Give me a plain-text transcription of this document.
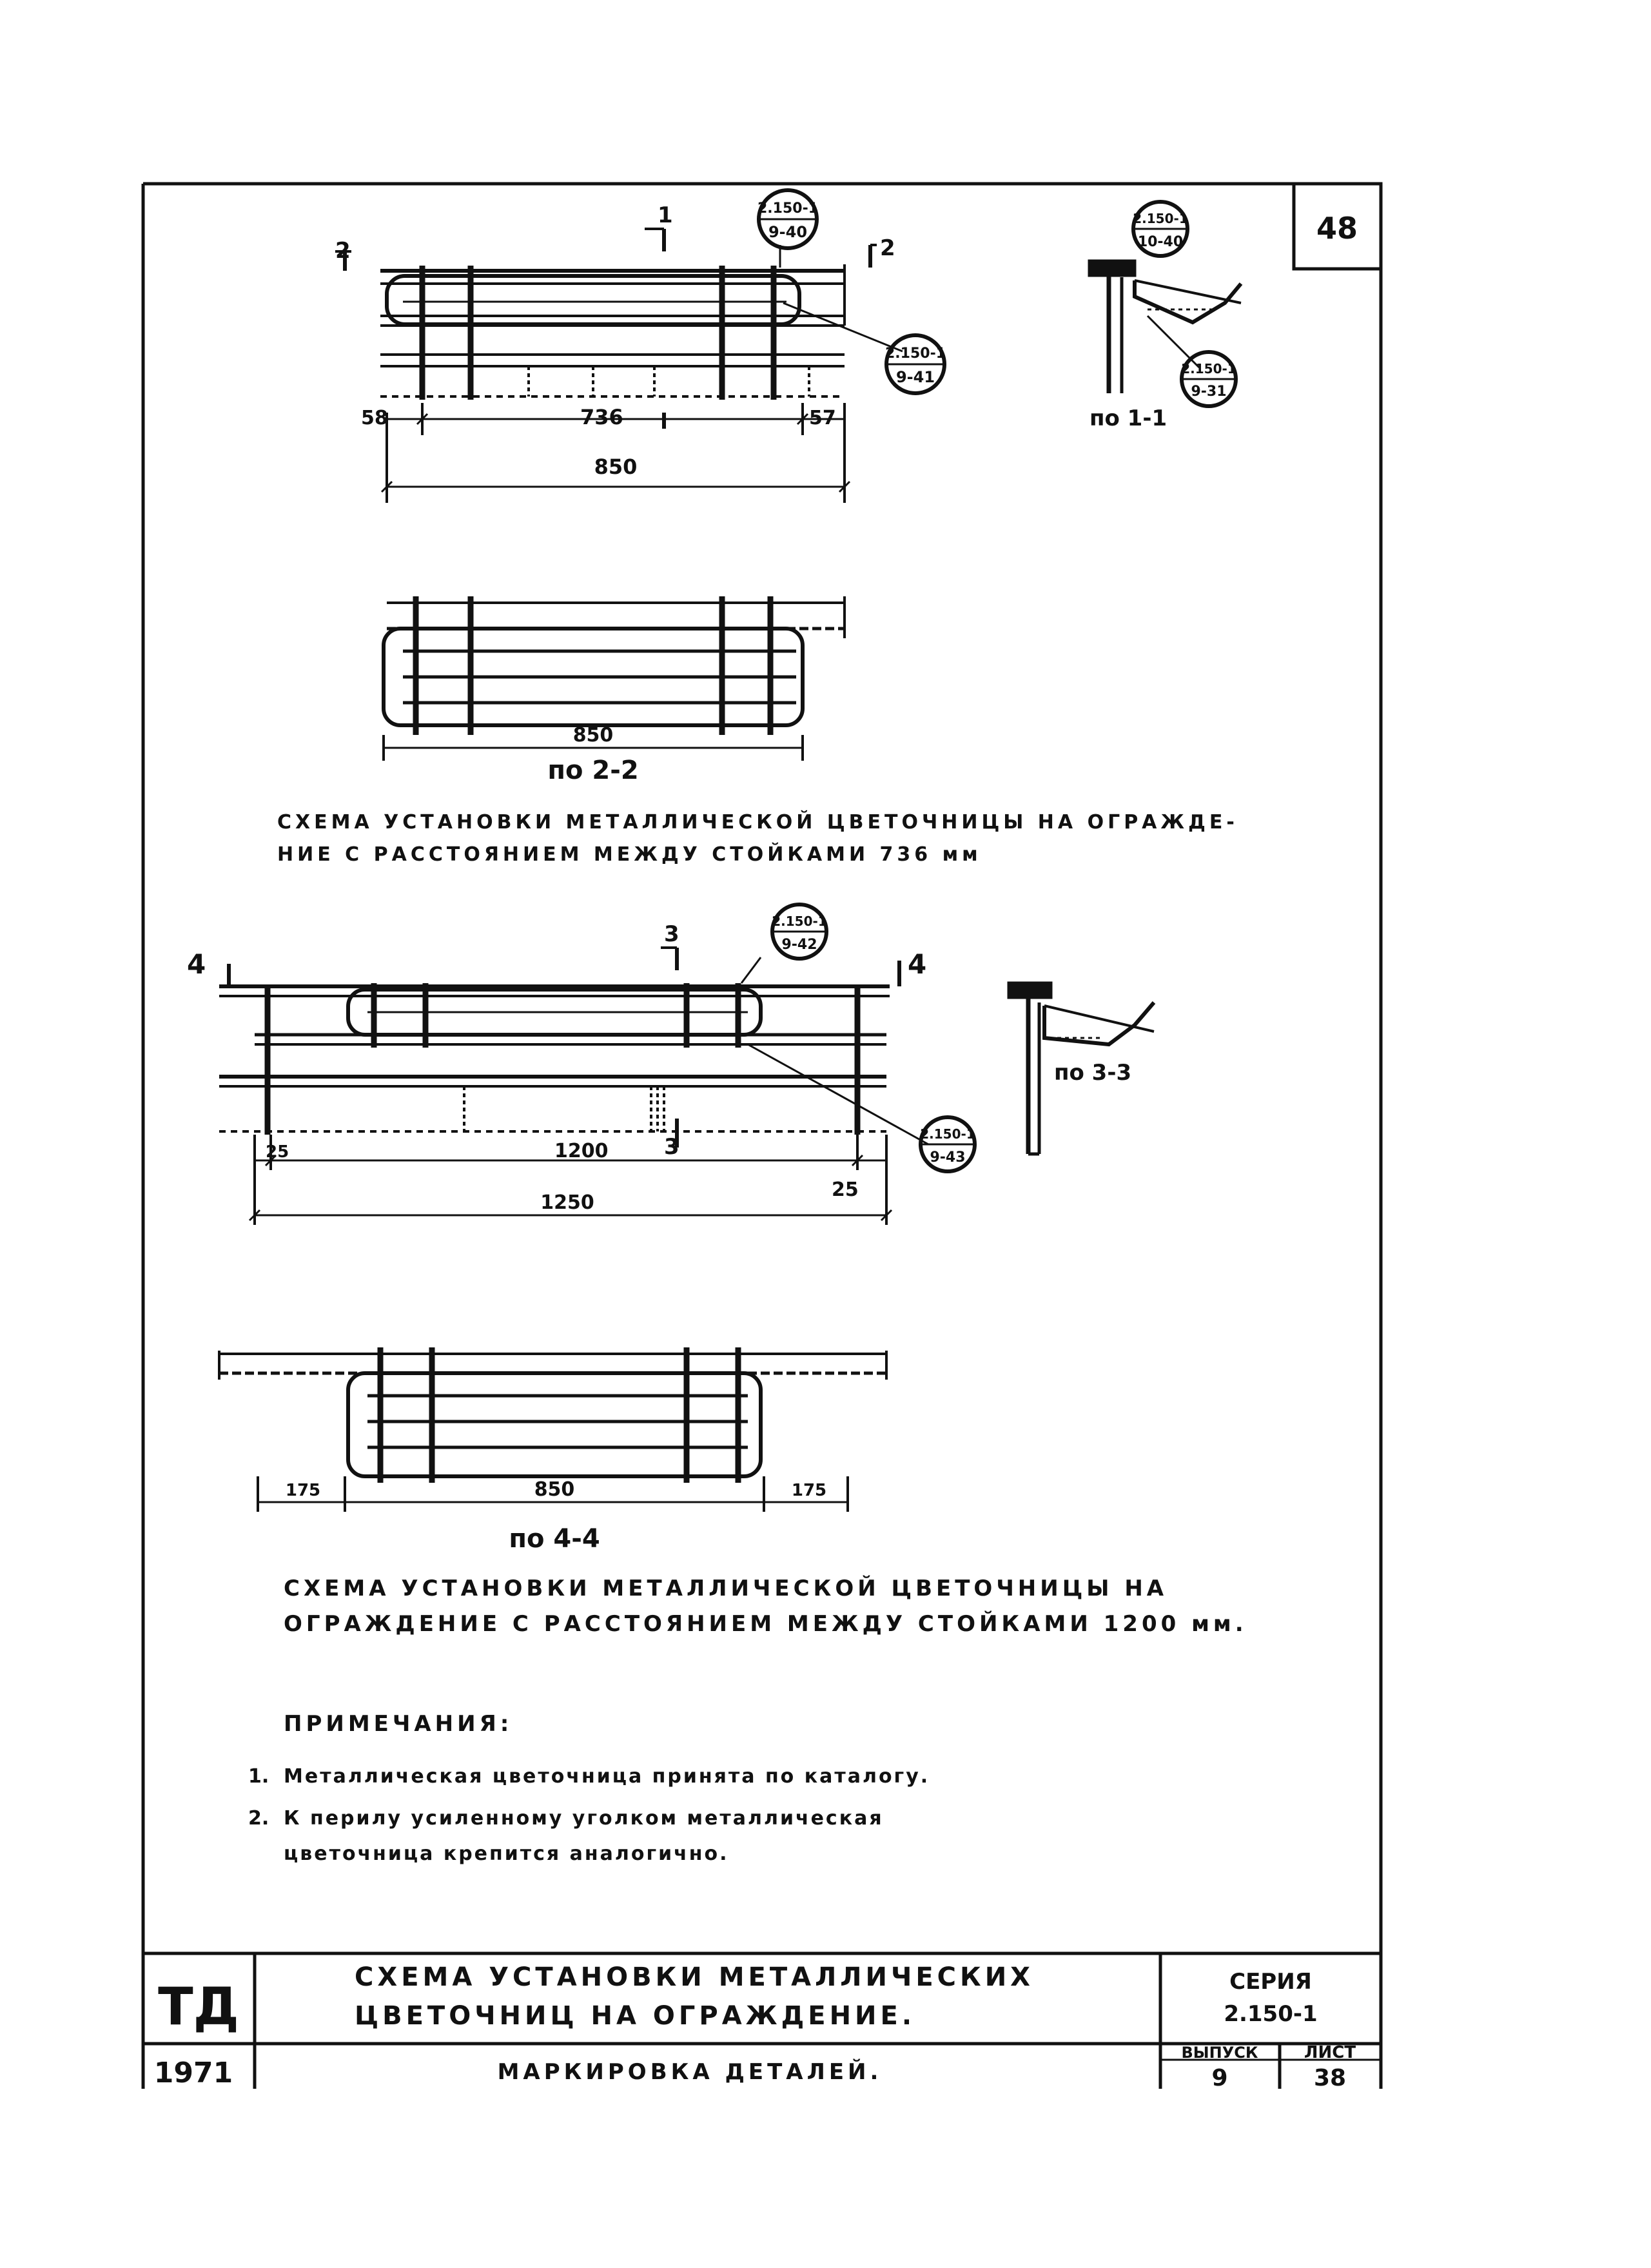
48
2	2
1	2.150-1
9-40
2.150-1
9-41
58	736	57
850
2.150-1
10-40
2.150-1
9-31
по 1-1
850
по 2-2
СХЕМА УСТАНОВКИ МЕТАЛЛИЧЕСКОЙ ЦВЕТОЧНИЦЫ НА ОГРАЖДЕ-
НИЕ С РАССТОЯНИЕМ МЕЖДУ СТОЙКАМИ 736 мм
4	4
3
3
2.150-1
9-42
2.150-1
9-43
25	1200
25
1250
по 3-3
175	850	175
по 4-4
СХЕМА УСТАНОВКИ МЕТАЛЛИЧЕСКОЙ ЦВЕТОЧНИЦЫ НА
ОГРАЖДЕНИЕ С РАССТОЯНИЕМ МЕЖДУ СТОЙКАМИ 1200 мм.
ПРИМЕЧАНИЯ:
1. Металлическая цветочница принята по каталогу.
2. К перилу усиленному уголком металлическая
цветочница крепится аналогично.
ТД
1971
СХЕМА УСТАНОВКИ МЕТАЛЛИЧЕСКИХ
ЦВЕТОЧНИЦ НА ОГРАЖДЕНИЕ.
МАРКИРОВКА ДЕТАЛЕЙ.
СЕРИЯ
2.150-1
ВЫПУСК
9
ЛИСТ
38
